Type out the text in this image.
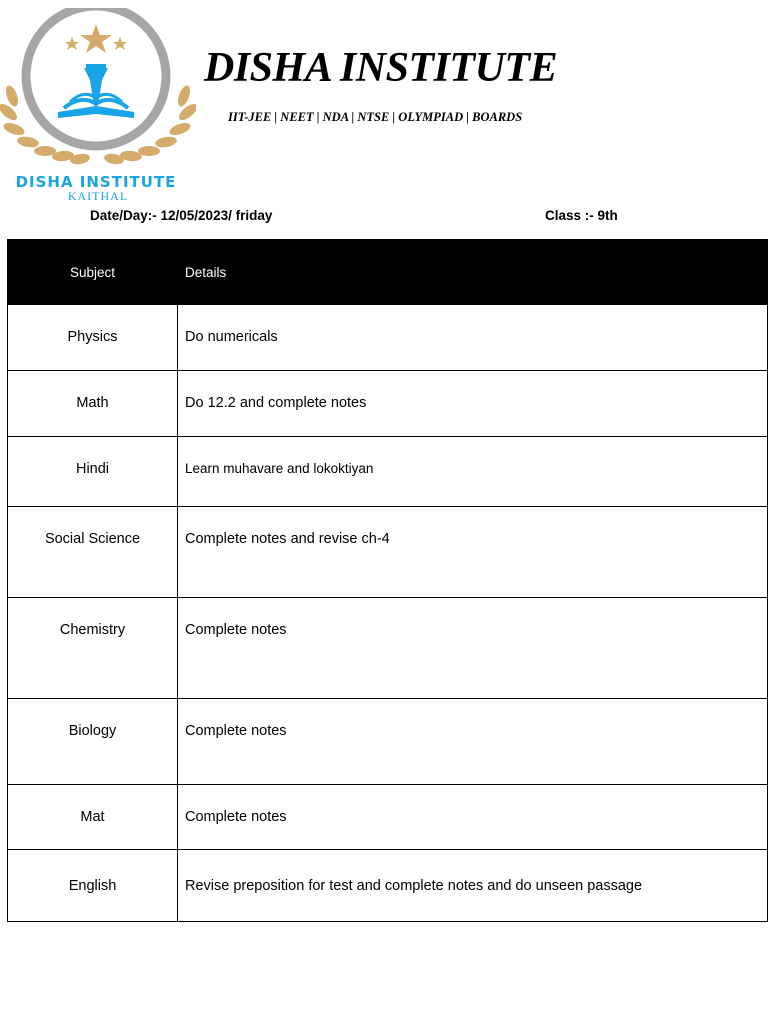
DISHA INSTITUTE
KAITHAL
DISHA INSTITUTE
IIT-JEE | NEET | NDA | NTSE | OLYMPIAD | BOARDS
Date/Day:- 12/05/2023/ friday	Class :- 9th
Subject	Details
Physics	Do numericals
Math	Do 12.2 and complete notes
Hindi	Learn muhavare and lokoktiyan
Social Science	Complete notes and revise ch-4
Chemistry	Complete notes
Biology	Complete notes
Mat	Complete notes
English	Revise preposition for test and complete notes and do unseen passage
